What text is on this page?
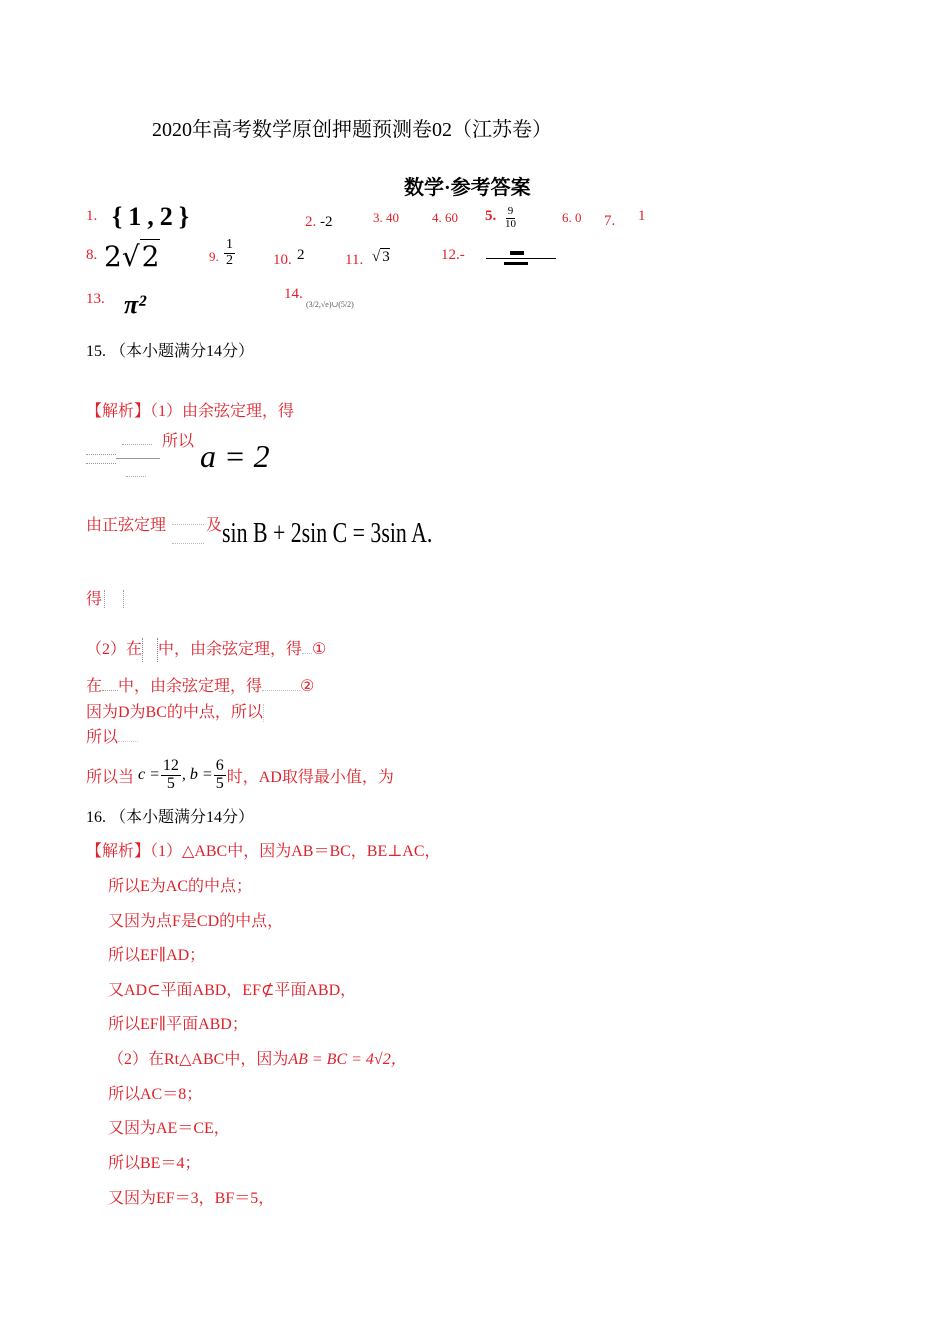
2020年高考数学原创押题预测卷02（江苏卷）
数学·参考答案
1. {1,2}	2. -2	3. 40	4. 60 5. $\frac{9}{10}$	6. 0 7. 1
8. 2√2	9. $\frac{1}{2}$	10. 2	11. √ 3	12.-
13. π²	14.
(3/2,√e)∪(5/2)
15. （本小题满分14分）
【解析】（1）由余弦定理，得
所以 a = 2
由正弦定理 及 sin B + 2sin C = 3sin A.
得
（2）在 中，由余弦定理，得 ①
在 中，由余弦定理，得 ②
因为D为BC的中点，所以
所以
所以当 $c = \frac{12}{5}$ , $b = \frac{6}{5}$ 时，AD取得最小值，为
16. （本小题满分14分）
【解析】（1）△ABC中，因为AB＝BC，BE⊥AC，
所以E为AC的中点；
又因为点F是CD的中点，
所以EF∥AD；
又AD⊂平面ABD，EF⊄平面ABD，
所以EF∥平面ABD；
（2）在Rt△ABC中，因为AB = BC = 4√2，
所以AC＝8；
又因为AE＝CE，
所以BE＝4；
又因为EF＝3，BF＝5，
